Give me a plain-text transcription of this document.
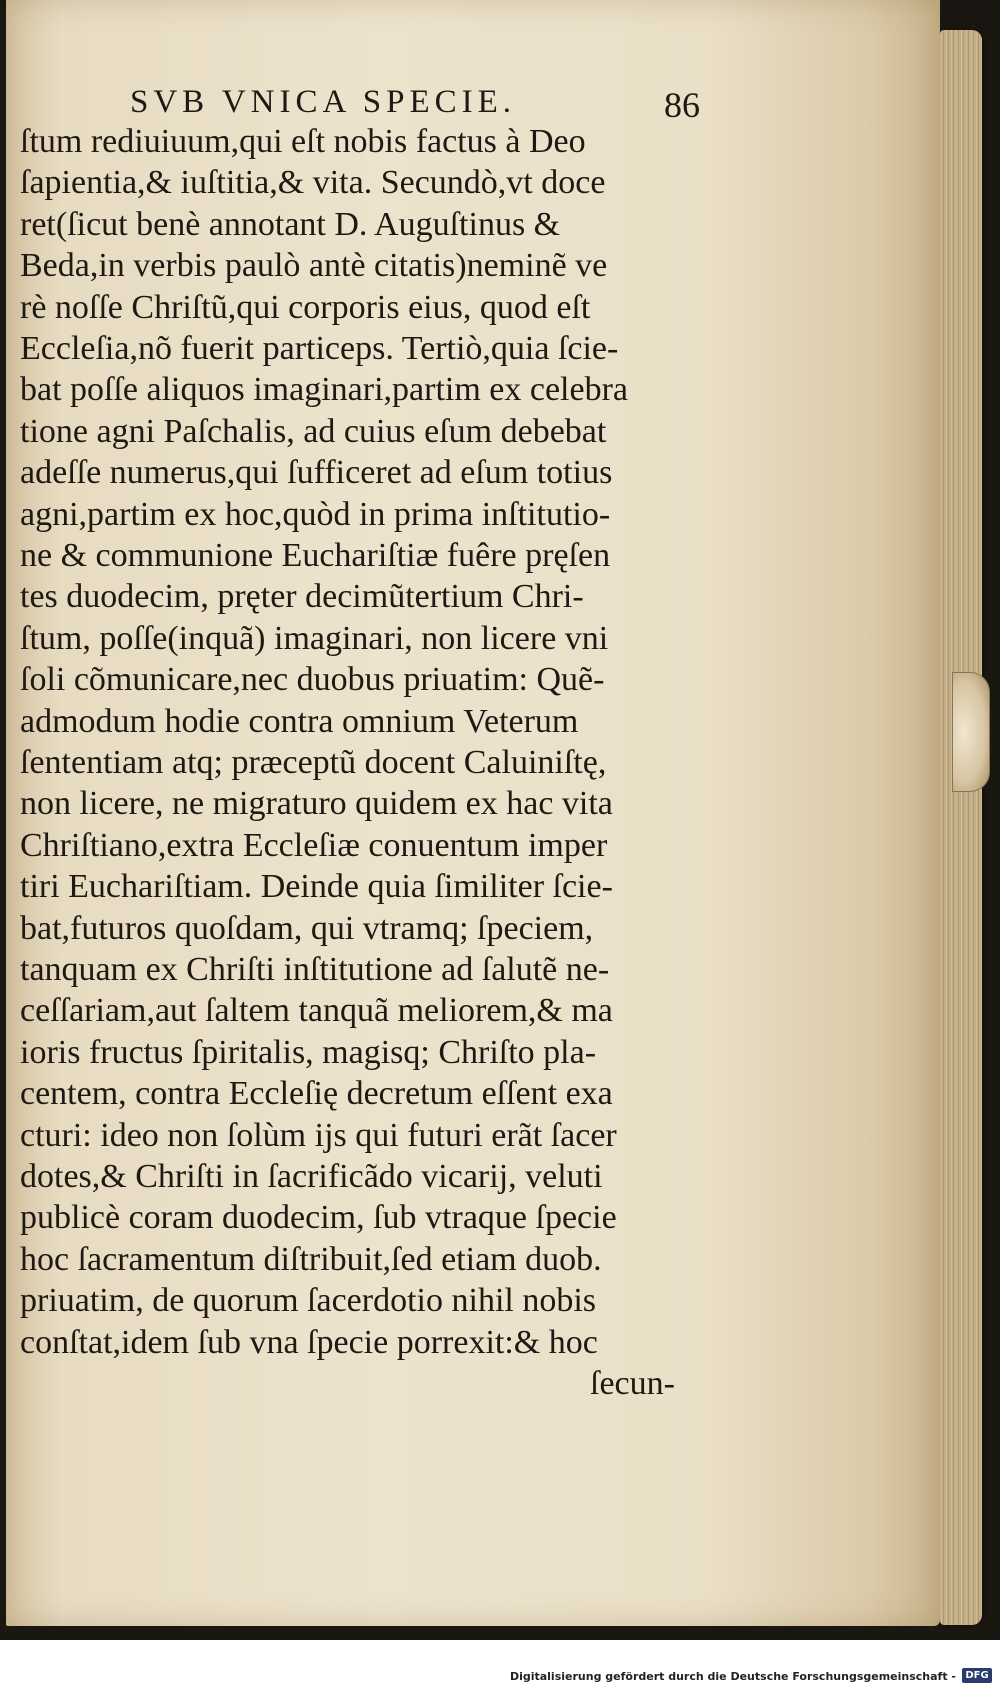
SVB VNICA SPECIE.	86
ſtum rediuiuum,qui eſt nobis factus à Deo
ſapientia,& iuſtitia,& vita. Secundò,vt doce
ret(ſicut benè annotant D. Auguſtinus &
Beda,in verbis paulò antè citatis)neminẽ ve
rè noſſe Chriſtũ,qui corporis eius, quod eſt
Eccleſia,nõ fuerit particeps. Tertiò,quia ſcie-
bat poſſe aliquos imaginari,partim ex celebra
tione agni Paſchalis, ad cuius eſum debebat
adeſſe numerus,qui ſufficeret ad eſum totius
agni,partim ex hoc,quòd in prima inſtitutio-
ne & communione Euchariſtiæ fuêre pręſen
tes duodecim, pręter decimũtertium Chri-
ſtum, poſſe(inquã) imaginari, non licere vni
ſoli cõmunicare,nec duobus priuatim: Quẽ-
admodum hodie contra omnium Veterum
ſententiam atq; præceptũ docent Caluiniſtę,
non licere, ne migraturo quidem ex hac vita
Chriſtiano,extra Eccleſiæ conuentum imper
tiri Euchariſtiam. Deinde quia ſimiliter ſcie-
bat,futuros quoſdam, qui vtramq; ſpeciem,
tanquam ex Chriſti inſtitutione ad ſalutẽ ne-
ceſſariam,aut ſaltem tanquã meliorem,& ma
ioris fructus ſpiritalis, magisq; Chriſto pla-
centem, contra Eccleſię decretum eſſent exa
cturi: ideo non ſolùm ijs qui futuri erãt ſacer
dotes,& Chriſti in ſacrificãdo vicarij, veluti
publicè coram duodecim, ſub vtraque ſpecie
hoc ſacramentum diſtribuit,ſed etiam duob.
priuatim, de quorum ſacerdotio nihil nobis
conſtat,idem ſub vna ſpecie porrexit:& hoc
ſecun-
Digitalisierung gefördert durch die Deutsche Forschungsgemeinschaft - DFG
